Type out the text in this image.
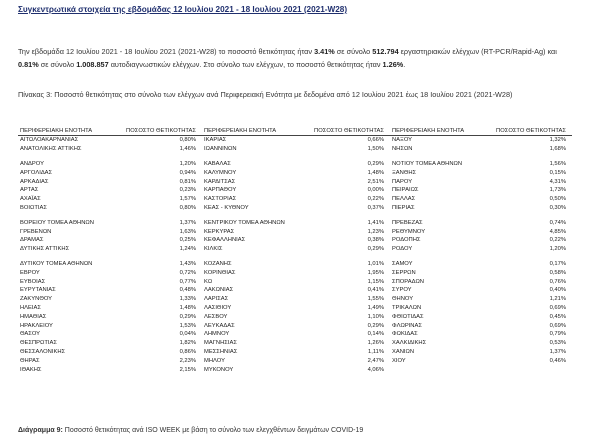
Συγκεντρωτικά στοιχεία της εβδομάδας 12 Ιουλίου 2021 - 18 Ιουλίου 2021 (2021-W28)
Την εβδομάδα 12 Ιουλίου 2021 - 18 Ιουλίου 2021 (2021-W28) το ποσοστό θετικότητας ήταν 3.41% σε σύνολο 512.794 εργαστηριακών ελέγχων (RT-PCR/Rapid-Ag) και 0.81% σε σύνολο 1.008.857 αυτοδιαγνωστικών ελέγχων. Στο σύνολο των ελέγχων, το ποσοστό θετικότητας ήταν 1.26%.
Πίνακας 3: Ποσοστό θετικότητας στο σύνολο των ελέγχων ανά Περιφερειακή Ενότητα με δεδομένα από 12 Ιουλίου 2021 έως 18 Ιουλίου 2021 (2021-W28)
ΠΕΡΙΦΕΡΕΙΑΚΗ ΕΝΟΤΗΤΑ	ΠΟΣΟΣΤΟ ΘΕΤΙΚΟΤΗΤΑΣ	ΠΕΡΙΦΕΡΕΙΑΚΗ ΕΝΟΤΗΤΑ	ΠΟΣΟΣΤΟ ΘΕΤΙΚΟΤΗΤΑΣ	ΠΕΡΙΦΕΡΕΙΑΚΗ ΕΝΟΤΗΤΑ	ΠΟΣΟΣΤΟ ΘΕΤΙΚΟΤΗΤΑΣ
ΑΙΤΩΛΟΑΚΑΡΝΑΝΙΑΣ	0,80%	ΙΚΑΡΙΑΣ	0,66%	ΝΑΞΟΥ	1,32%
ΑΝΑΤΟΛΙΚΗΣ ΑΤΤΙΚΗΣ	1,46%	ΙΩΑΝΝΙΝΩΝ	1,50%	ΝΗΣΩΝ	1,68%

ΑΝΔΡΟΥ	1,20%	ΚΑΒΑΛΑΣ	0,29%	ΝΟΤΙΟΥ ΤΟΜΕΑ ΑΘΗΝΩΝ	1,56%
ΑΡΓΟΛΙΔΑΣ	0,94%	ΚΑΛΥΜΝΟΥ	1,48%	ΞΑΝΘΗΣ	0,15%
ΑΡΚΑΔΙΑΣ	0,81%	ΚΑΡΔΙΤΣΑΣ	2,51%	ΠΑΡΟΥ	4,31%
ΑΡΤΑΣ	0,23%	ΚΑΡΠΑΘΟΥ	0,00%	ΠΕΙΡΑΙΩΣ	1,73%
ΑΧΑΪΑΣ	1,57%	ΚΑΣΤΟΡΙΑΣ	0,22%	ΠΕΛΛΑΣ	0,50%
ΒΟΙΩΤΙΑΣ	0,80%	ΚΕΑΣ - ΚΥΘΝΟΥ	0,37%	ΠΙΕΡΙΑΣ	0,30%

ΒΟΡΕΙΟΥ ΤΟΜΕΑ ΑΘΗΝΩΝ	1,37%	ΚΕΝΤΡΙΚΟΥ ΤΟΜΕΑ ΑΘΗΝΩΝ	1,41%	ΠΡΕΒΕΖΑΣ	0,74%
ΓΡΕΒΕΝΩΝ	1,63%	ΚΕΡΚΥΡΑΣ	1,23%	ΡΕΘΥΜΝΟΥ	4,85%
ΔΡΑΜΑΣ	0,25%	ΚΕΦΑΛΛΗΝΙΑΣ	0,38%	ΡΟΔΟΠΗΣ	0,22%
ΔΥΤΙΚΗΣ ΑΤΤΙΚΗΣ	1,24%	ΚΙΛΚΙΣ	0,29%	ΡΟΔΟΥ	1,20%

ΔΥΤΙΚΟΥ ΤΟΜΕΑ ΑΘΗΝΩΝ	1,43%	ΚΟΖΑΝΗΣ	1,01%	ΣΑΜΟΥ	0,17%
ΕΒΡΟΥ	0,72%	ΚΟΡΙΝΘΙΑΣ	1,95%	ΣΕΡΡΩΝ	0,58%
ΕΥΒΟΙΑΣ	0,77%	ΚΩ	1,15%	ΣΠΟΡΑΔΩΝ	0,76%
ΕΥΡΥΤΑΝΙΑΣ	0,48%	ΛΑΚΩΝΙΑΣ	0,41%	ΣΥΡΟΥ	0,40%
ΖΑΚΥΝΘΟΥ	1,33%	ΛΑΡΙΣΑΣ	1,55%	ΘΗΝΟΥ	1,21%
ΗΛΕΙΑΣ	1,48%	ΛΑΣΙΘΙΟΥ	1,49%	ΤΡΙΚΑΛΩΝ	0,69%
ΗΜΑΘΙΑΣ	0,29%	ΛΕΣΒΟΥ	1,10%	ΦΘΙΩΤΙΔΑΣ	0,45%
ΗΡΑΚΛΕΙΟΥ	1,53%	ΛΕΥΚΑΔΑΣ	0,29%	ΦΛΩΡΙΝΑΣ	0,69%
ΘΑΣΟΥ	0,04%	ΛΗΜΝΟΥ	0,14%	ΦΩΚΙΔΑΣ	0,79%
ΘΕΣΠΡΩΤΙΑΣ	1,82%	ΜΑΓΝΗΣΙΑΣ	1,26%	ΧΑΛΚΙΔΙΚΗΣ	0,53%
ΘΕΣΣΑΛΟΝΙΚΗΣ	0,86%	ΜΕΣΣΗΝΙΑΣ	1,11%	ΧΑΝΙΩΝ	1,37%
ΘΗΡΑΣ	2,23%	ΜΗΛΟΥ	2,47%	ΧΙΟΥ	0,46%
ΙΘΑΚΗΣ	2,15%	ΜΥΚΟΝΟΥ	4,06%		
Διάγραμμα 9: Ποσοστό θετικότητας ανά ISO WEEK με βάση το σύνολο των ελεγχθέντων δειγμάτων COVID-19
